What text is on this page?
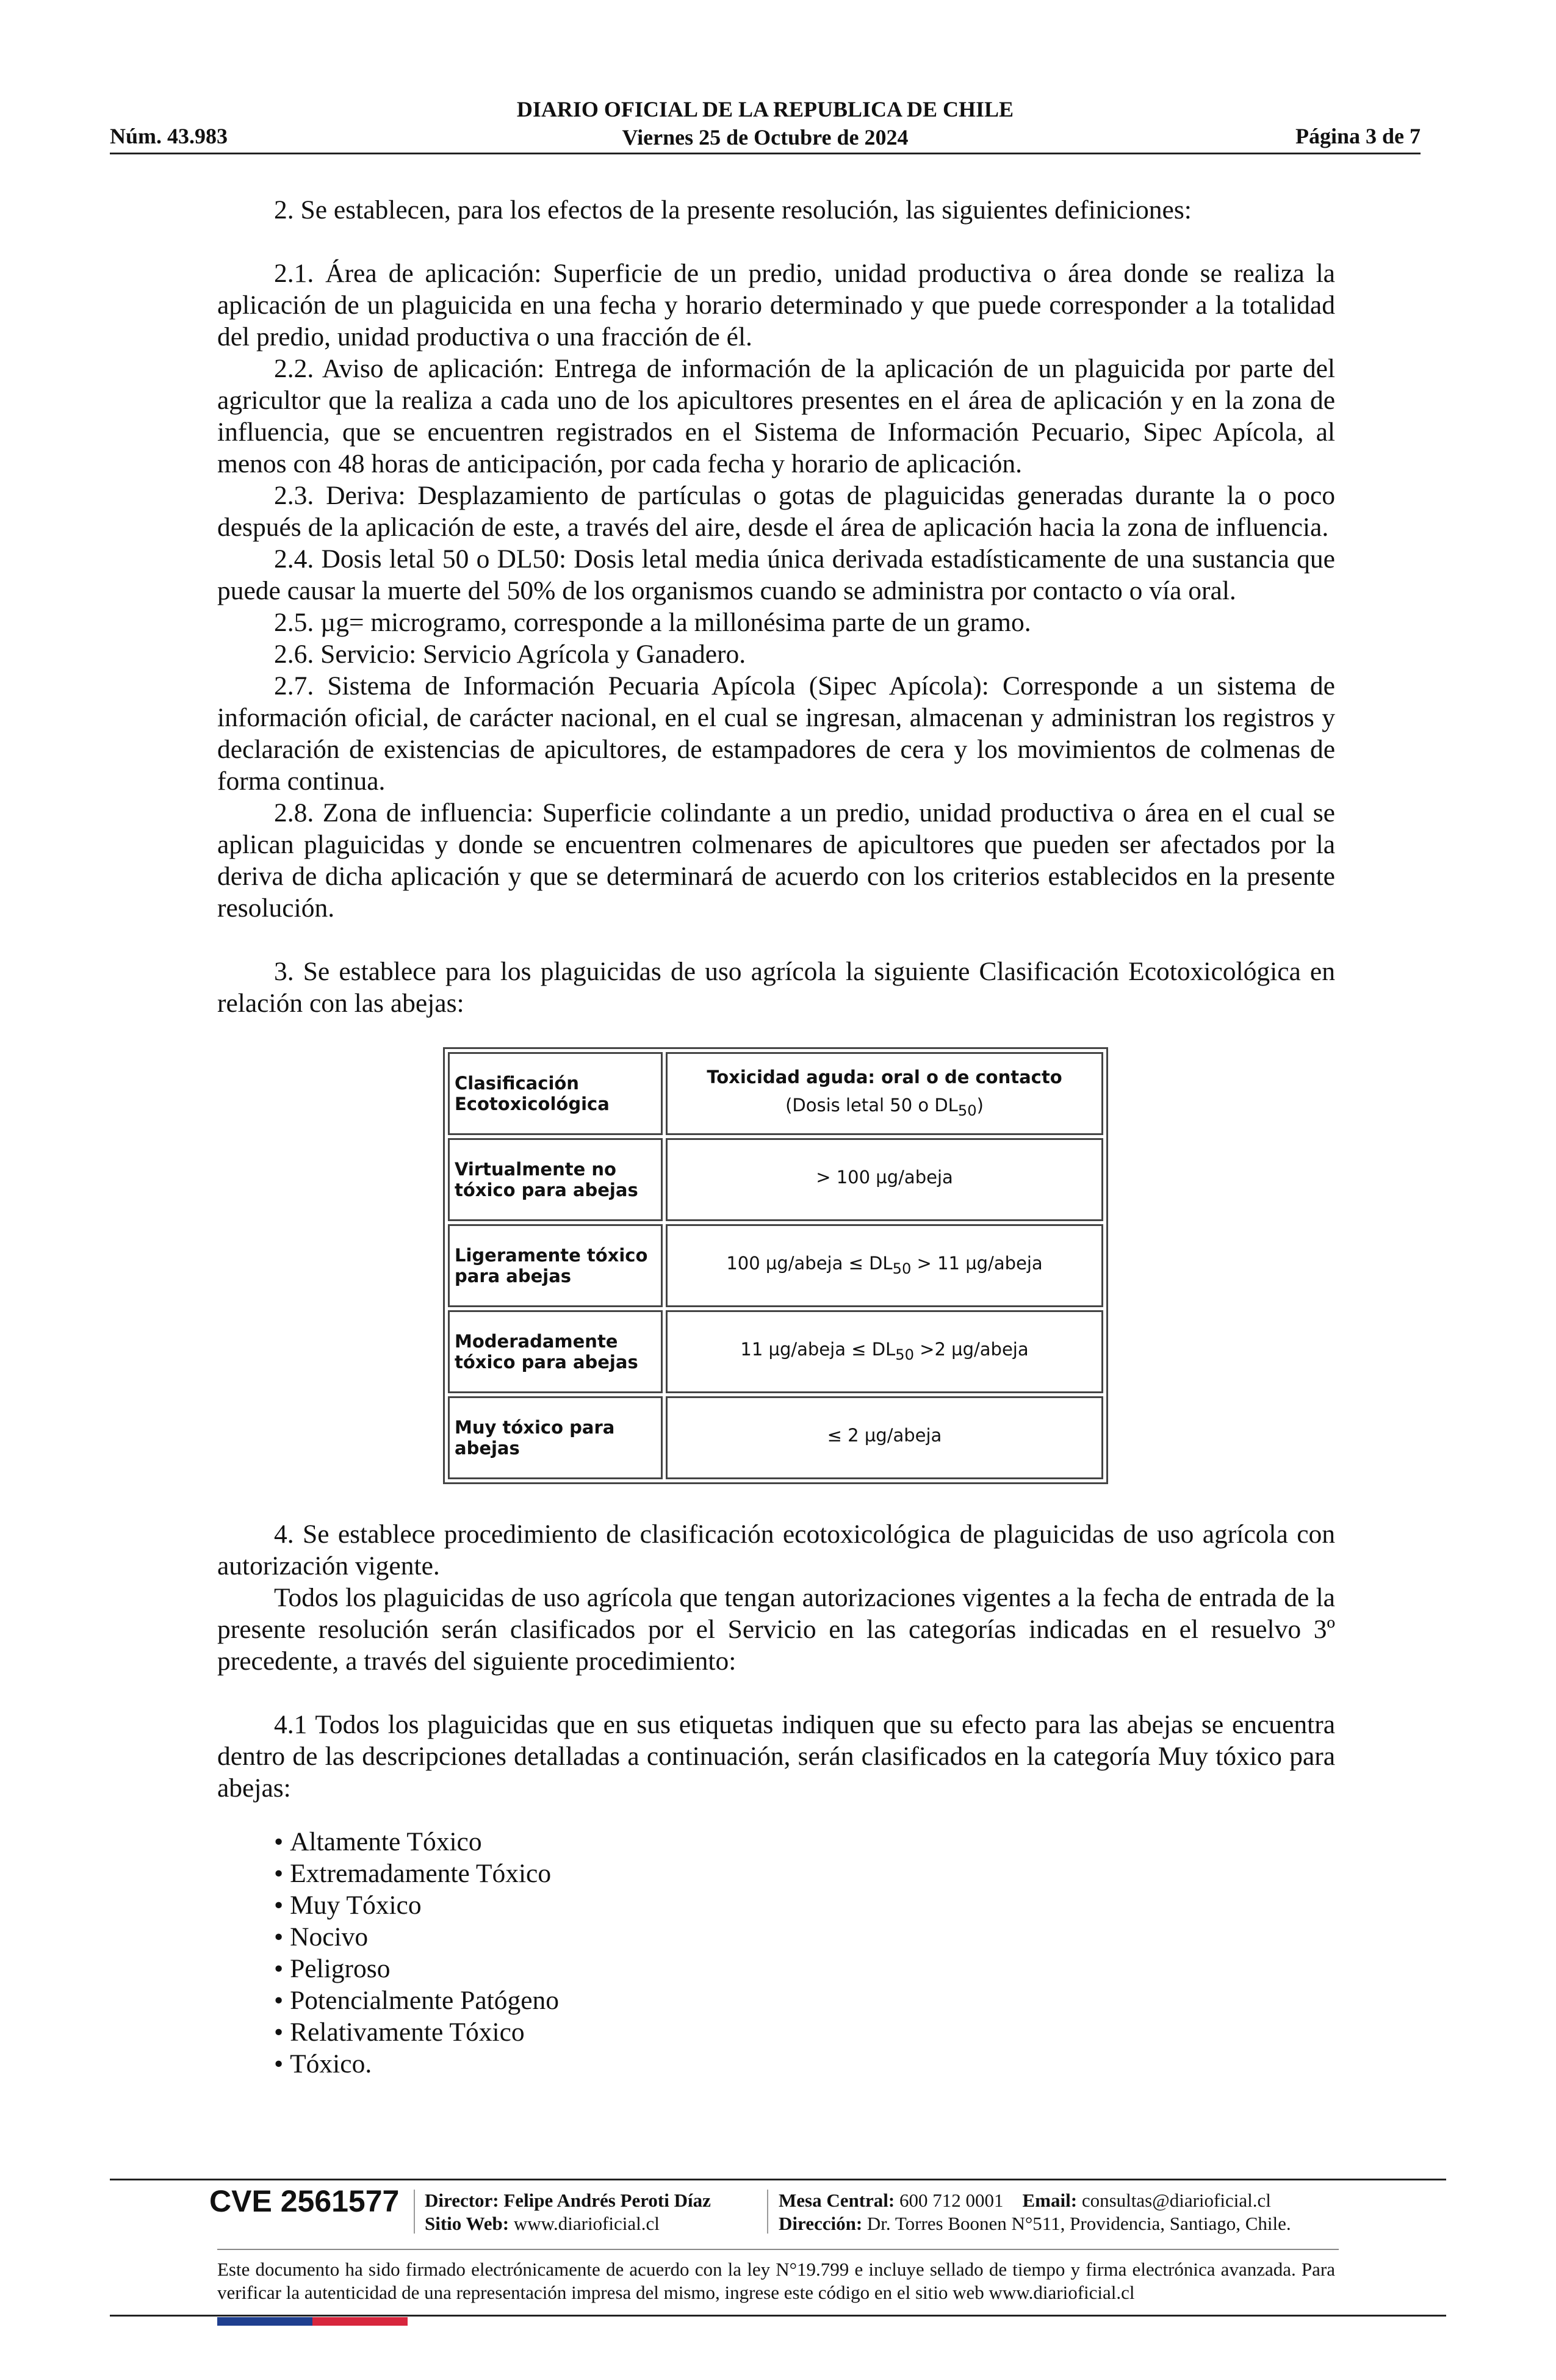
Núm. 43.983
DIARIO OFICIAL DE LA REPUBLICA DE CHILE
Viernes 25 de Octubre de 2024	Página 3 de 7

2. Se establecen, para los efectos de la presente resolución, las siguientes definiciones:

2.1. Área de aplicación: Superficie de un predio, unidad productiva o área donde se realiza la aplicación de un plaguicida en una fecha y horario determinado y que puede corresponder a la totalidad del predio, unidad productiva o una fracción de él.

2.2. Aviso de aplicación: Entrega de información de la aplicación de un plaguicida por parte del agricultor que la realiza a cada uno de los apicultores presentes en el área de aplicación y en la zona de influencia, que se encuentren registrados en el Sistema de Información Pecuario, Sipec Apícola, al menos con 48 horas de anticipación, por cada fecha y horario de aplicación.

2.3. Deriva: Desplazamiento de partículas o gotas de plaguicidas generadas durante la o poco después de la aplicación de este, a través del aire, desde el área de aplicación hacia la zona de influencia.

2.4. Dosis letal 50 o DL50: Dosis letal media única derivada estadísticamente de una sustancia que puede causar la muerte del 50% de los organismos cuando se administra por contacto o vía oral.

2.5. µg= microgramo, corresponde a la millonésima parte de un gramo.

2.6. Servicio: Servicio Agrícola y Ganadero.

2.7. Sistema de Información Pecuaria Apícola (Sipec Apícola): Corresponde a un sistema de información oficial, de carácter nacional, en el cual se ingresan, almacenan y administran los registros y declaración de existencias de apicultores, de estampadores de cera y los movimientos de colmenas de forma continua.

2.8. Zona de influencia: Superficie colindante a un predio, unidad productiva o área en el cual se aplican plaguicidas y donde se encuentren colmenares de apicultores que pueden ser afectados por la deriva de dicha aplicación y que se determinará de acuerdo con los criterios establecidos en la presente resolución.

3. Se establece para los plaguicidas de uso agrícola la siguiente Clasificación Ecotoxicológica en relación con las abejas:

Clasificación Ecotoxicológica	Toxicidad aguda: oral o de contacto
(Dosis letal 50 o $DL_{50}$)

Virtualmente no tóxico para abejas	> 100 µg/abeja
Ligeramente tóxico para abejas	100 µg/abeja ≤ $DL_{50} > 11$ µg/abeja
Moderadamente tóxico para abejas	11 µg/abeja ≤ $DL_{50} >2$ µg/abeja
Muy tóxico para abejas	≤ 2 µg/abeja

4. Se establece procedimiento de clasificación ecotoxicológica de plaguicidas de uso agrícola con autorización vigente.

Todos los plaguicidas de uso agrícola que tengan autorizaciones vigentes a la fecha de entrada de la presente resolución serán clasificados por el Servicio en las categorías indicadas en el resuelvo 3º precedente, a través del siguiente procedimiento:

4.1 Todos los plaguicidas que en sus etiquetas indiquen que su efecto para las abejas se encuentra dentro de las descripciones detalladas a continuación, serán clasificados en la categoría Muy tóxico para abejas:

• Altamente Tóxico
• Extremadamente Tóxico
• Muy Tóxico
• Nocivo
• Peligroso
• Potencialmente Patógeno
• Relativamente Tóxico
• Tóxico.
CVE 2561577 Director: Felipe Andrés Peroti Díaz
Sitio Web: www.diarioficial.cl
Mesa Central: 600 712 0001 Email: consultas@diarioficial.cl
Dirección: Dr. Torres Boonen N°511, Providencia, Santiago, Chile.
Este documento ha sido firmado electrónicamente de acuerdo con la ley N°19.799 e incluye sellado de tiempo y firma electrónica avanzada. Para verificar la autenticidad de una representación impresa del mismo, ingrese este código en el sitio web www.diarioficial.cl
